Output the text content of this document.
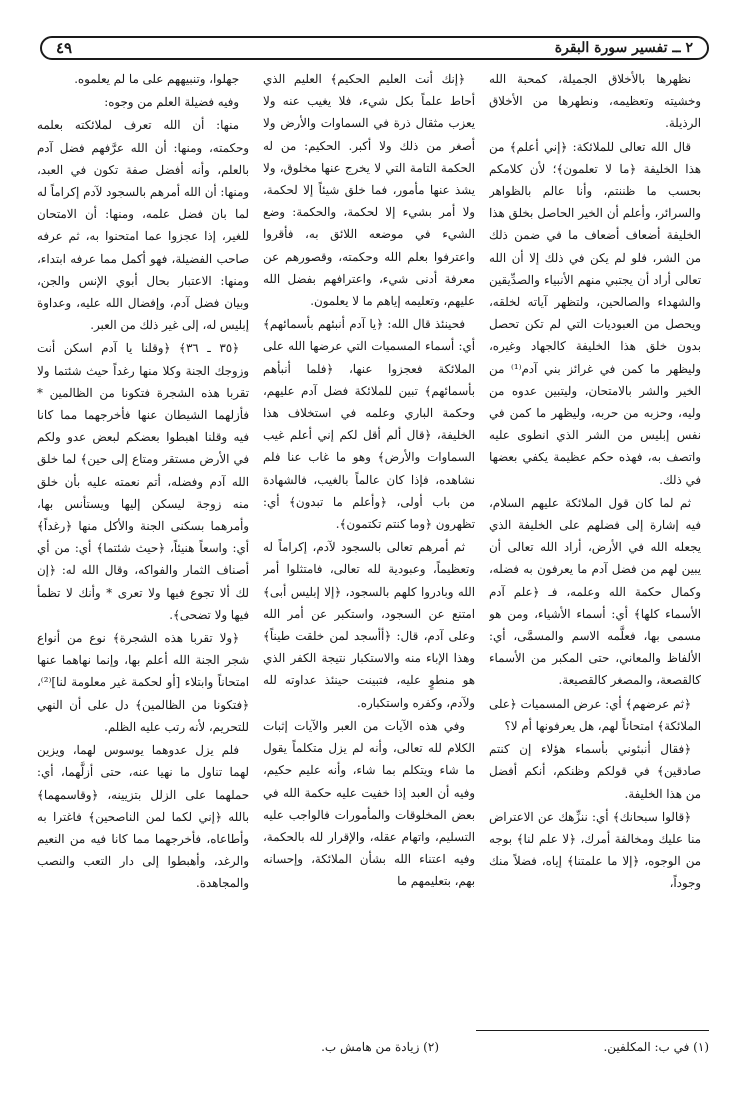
٢ ــ تفسير سورة البقرة
٤٩

نظهرها بالأخلاق الجميلة، كمحبة الله وخشيته وتعظيمه، ونطهرها من الأخلاق الرذيلة.

قال الله تعالى للملائكة: ﴿إني أعلم﴾ من هذا الخليفة ﴿ما لا تعلمون﴾؛ لأن كلامكم بحسب ما ظننتم، وأنا عالم بالظواهر والسرائر، وأعلم أن الخير الحاصل بخلق هذا الخليفة أضعاف أضعاف ما في ضمن ذلك من الشر، فلو لم يكن في ذلك إلا أن الله تعالى أراد أن يجتبي منهم الأنبياء والصدِّيقين والشهداء والصالحين، ولتظهر آياته لخلقه، ويحصل من العبوديات التي لم تكن تحصل بدون خلق هذا الخليفة كالجهاد وغيره، وليظهر ما كمن في غرائز بني آدم⁽¹⁾ من الخير والشر بالامتحان، وليتبين عدوه من وليه، وحزبه من حربه، وليظهر ما كمن في نفس إبليس من الشر الذي انطوى عليه واتصف به، فهذه حكم عظيمة يكفي بعضها في ذلك.

ثم لما كان قول الملائكة عليهم السلام، فيه إشارة إلى فضلهم على الخليفة الذي يجعله الله في الأرض، أراد الله تعالى أن يبين لهم من فضل آدم ما يعرفون به فضله، وكمال حكمة الله وعلمه، فـ ﴿علم آدم الأسماء كلها﴾ أي: أسماء الأشياء، ومن هو مسمى بها، فعلَّمه الاسم والمسمَّى، أي: الألفاظ والمعاني، حتى المكبر من الأسماء كالقصعة، والمصغر كالقصيعة.

﴿ثم عرضهم﴾ أي: عرض المسميات ﴿على الملائكة﴾ امتحاناً لهم، هل يعرفونها أم لا؟

﴿فقال أنبئوني بأسماء هؤلاء إن كنتم صادقين﴾ في قولكم وظنكم، أنكم أفضل من هذا الخليفة.

﴿قالوا سبحانك﴾ أي: ننزِّهك عن الاعتراض منا عليك ومخالفة أمرك، ﴿لا علم لنا﴾ بوجه من الوجوه، ﴿إلا ما علمتنا﴾ إياه، فضلاً منك وجوداً،

﴿إنك أنت العليم الحكيم﴾ العليم الذي أحاط علماً بكل شيء، فلا يغيب عنه ولا يعزب مثقال ذرة في السماوات والأرض ولا أصغر من ذلك ولا أكبر. الحكيم: من له الحكمة التامة التي لا يخرج عنها مخلوق، ولا يشذ عنها مأمور، فما خلق شيئاً إلا لحكمة، ولا أمر بشيء إلا لحكمة، والحكمة: وضع الشيء في موضعه اللائق به، فأقروا واعترفوا بعلم الله وحكمته، وقصورهم عن معرفة أدنى شيء، واعترافهم بفضل الله عليهم، وتعليمه إياهم ما لا يعلمون.

فحينئذ قال الله: ﴿يا آدم أنبئهم بأسمائهم﴾ أي: أسماء المسميات التي عرضها الله على الملائكة فعجزوا عنها، ﴿فلما أنبأهم بأسمائهم﴾ تبين للملائكة فضل آدم عليهم، وحكمة الباري وعلمه في استخلاف هذا الخليفة، ﴿قال ألم أقل لكم إني أعلم غيب السماوات والأرض﴾ وهو ما غاب عنا فلم نشاهده، فإذا كان عالماً بالغيب، فالشهادة من باب أولى، ﴿وأعلم ما تبدون﴾ أي: تظهرون ﴿وما كنتم تكتمون﴾.

ثم أمرهم تعالى بالسجود لآدم، إكراماً له وتعظيماً، وعبودية لله تعالى، فامتثلوا أمر الله وبادروا كلهم بالسجود، ﴿إلا إبليس أبى﴾ امتنع عن السجود، واستكبر عن أمر الله وعلى آدم، قال: ﴿أأسجد لمن خلقت طيناً﴾ وهذا الإباء منه والاستكبار نتيجة الكفر الذي هو منطوٍ عليه، فتبينت حينئذ عداوته لله ولآدم، وكفره واستكباره.

وفي هذه الآيات من العبر والآيات إثبات الكلام لله تعالى، وأنه لم يزل متكلماً يقول ما شاء ويتكلم بما شاء، وأنه عليم حكيم، وفيه أن العبد إذا خفيت عليه حكمة الله في بعض المخلوقات والمأمورات فالواجب عليه التسليم، واتهام عقله، والإقرار لله بالحكمة، وفيه اعتناء الله بشأن الملائكة، وإحسانه بهم، بتعليمهم ما

جهلوا، وتنبيههم على ما لم يعلموه.

وفيه فضيلة العلم من وجوه:

منها: أن الله تعرف لملائكته بعلمه وحكمته، ومنها: أن الله عرَّفهم فضل آدم بالعلم، وأنه أفضل صفة تكون في العبد، ومنها: أن الله أمرهم بالسجود لآدم إكراماً له لما بان فضل علمه، ومنها: أن الامتحان للغير، إذا عجزوا عما امتحنوا به، ثم عرفه صاحب الفضيلة، فهو أكمل مما عرفه ابتداء، ومنها: الاعتبار بحال أبوي الإنس والجن، وبيان فضل آدم، وإفضال الله عليه، وعداوة إبليس له، إلى غير ذلك من العبر.

﴿٣٥ ـ ٣٦﴾ ﴿وقلنا يا آدم اسكن أنت وزوجك الجنة وكلا منها رغداً حيث شئتما ولا تقربا هذه الشجرة فتكونا من الظالمين * فأزلهما الشيطان عنها فأخرجهما مما كانا فيه وقلنا اهبطوا بعضكم لبعض عدو ولكم في الأرض مستقر ومتاع إلى حين﴾ لما خلق الله آدم وفضله، أتم نعمته عليه بأن خلق منه زوجة ليسكن إليها ويستأنس بها، وأمرهما بسكنى الجنة والأكل منها ﴿رغداً﴾ أي: واسعاً هنيئاً، ﴿حيث شئتما﴾ أي: من أي أصناف الثمار والفواكه، وقال الله له: ﴿إن لك ألا تجوع فيها ولا تعرى * وأنك لا تظمأ فيها ولا تضحى﴾.

﴿ولا تقربا هذه الشجرة﴾ نوع من أنواع شجر الجنة الله أعلم بها، وإنما نهاهما عنها امتحاناً وابتلاء [أو لحكمة غير معلومة لنا]⁽²⁾، ﴿فتكونا من الظالمين﴾ دل على أن النهي للتحريم، لأنه رتب عليه الظلم.

فلم يزل عدوهما يوسوس لهما، ويزين لهما تناول ما نهيا عنه، حتى أزلَّهما، أي: حملهما على الزلل بتزيينه، ﴿وقاسمهما﴾ بالله ﴿إني لكما لمن الناصحين﴾ فاغترا به وأطاعاه، فأخرجهما مما كانا فيه من النعيم والرغد، وأهبطوا إلى دار التعب والنصب والمجاهدة.

(١) في ب: المكلفين.
(٢) زيادة من هامش ب.
